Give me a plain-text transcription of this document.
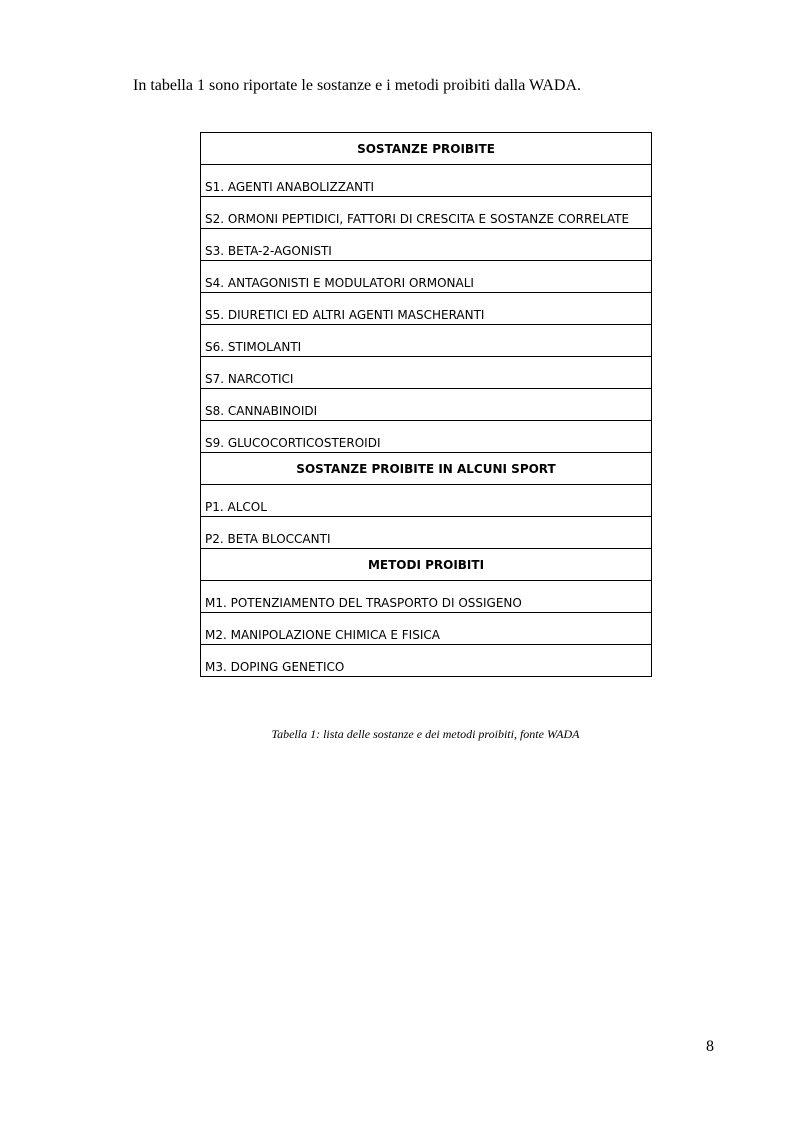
In tabella 1 sono riportate le sostanze e i metodi proibiti dalla WADA.
SOSTANZE PROIBITE
S1. AGENTI ANABOLIZZANTI
S2. ORMONI PEPTIDICI, FATTORI DI CRESCITA E SOSTANZE CORRELATE
S3. BETA-2-AGONISTI
S4. ANTAGONISTI E MODULATORI ORMONALI
S5. DIURETICI ED ALTRI AGENTI MASCHERANTI
S6. STIMOLANTI
S7. NARCOTICI
S8. CANNABINOIDI
S9. GLUCOCORTICOSTEROIDI
SOSTANZE PROIBITE IN ALCUNI SPORT
P1. ALCOL
P2. BETA BLOCCANTI
METODI PROIBITI
M1. POTENZIAMENTO DEL TRASPORTO DI OSSIGENO
M2. MANIPOLAZIONE CHIMICA E FISICA
M3. DOPING GENETICO
Tabella 1: lista delle sostanze e dei metodi proibiti, fonte WADA
8
